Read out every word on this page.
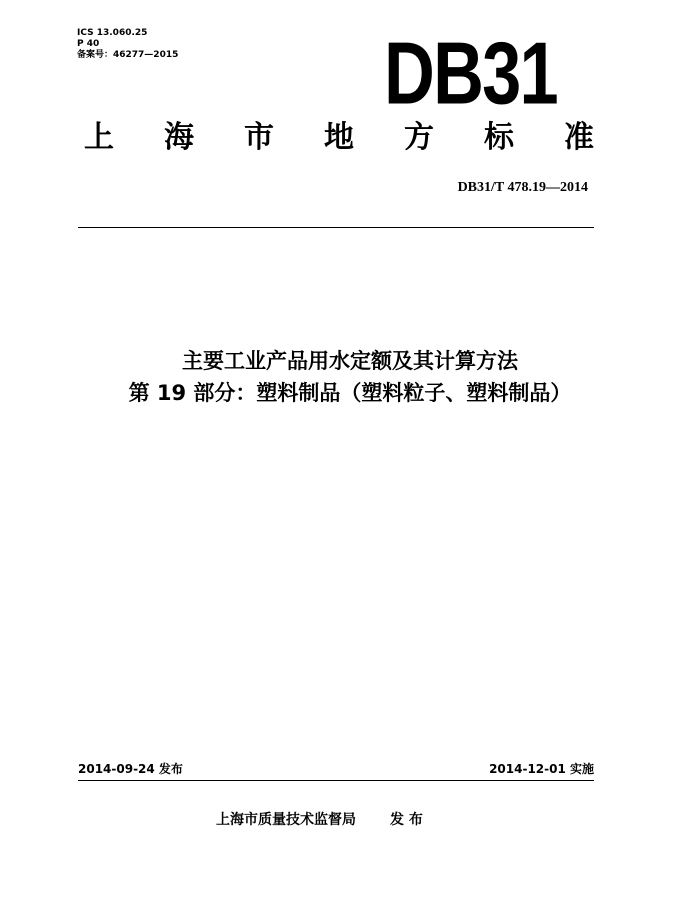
ICS 13.060.25
P 40
备案号：46277—2015	DB31
上 海 市 地 方 标 准
DB31/T 478.19—2014
主要工业产品用水定额及其计算方法
第 19 部分：塑料制品（塑料粒子、塑料制品）
2014-09-24 发布	2014-12-01 实施
上海市质量技术监督局 发 布
